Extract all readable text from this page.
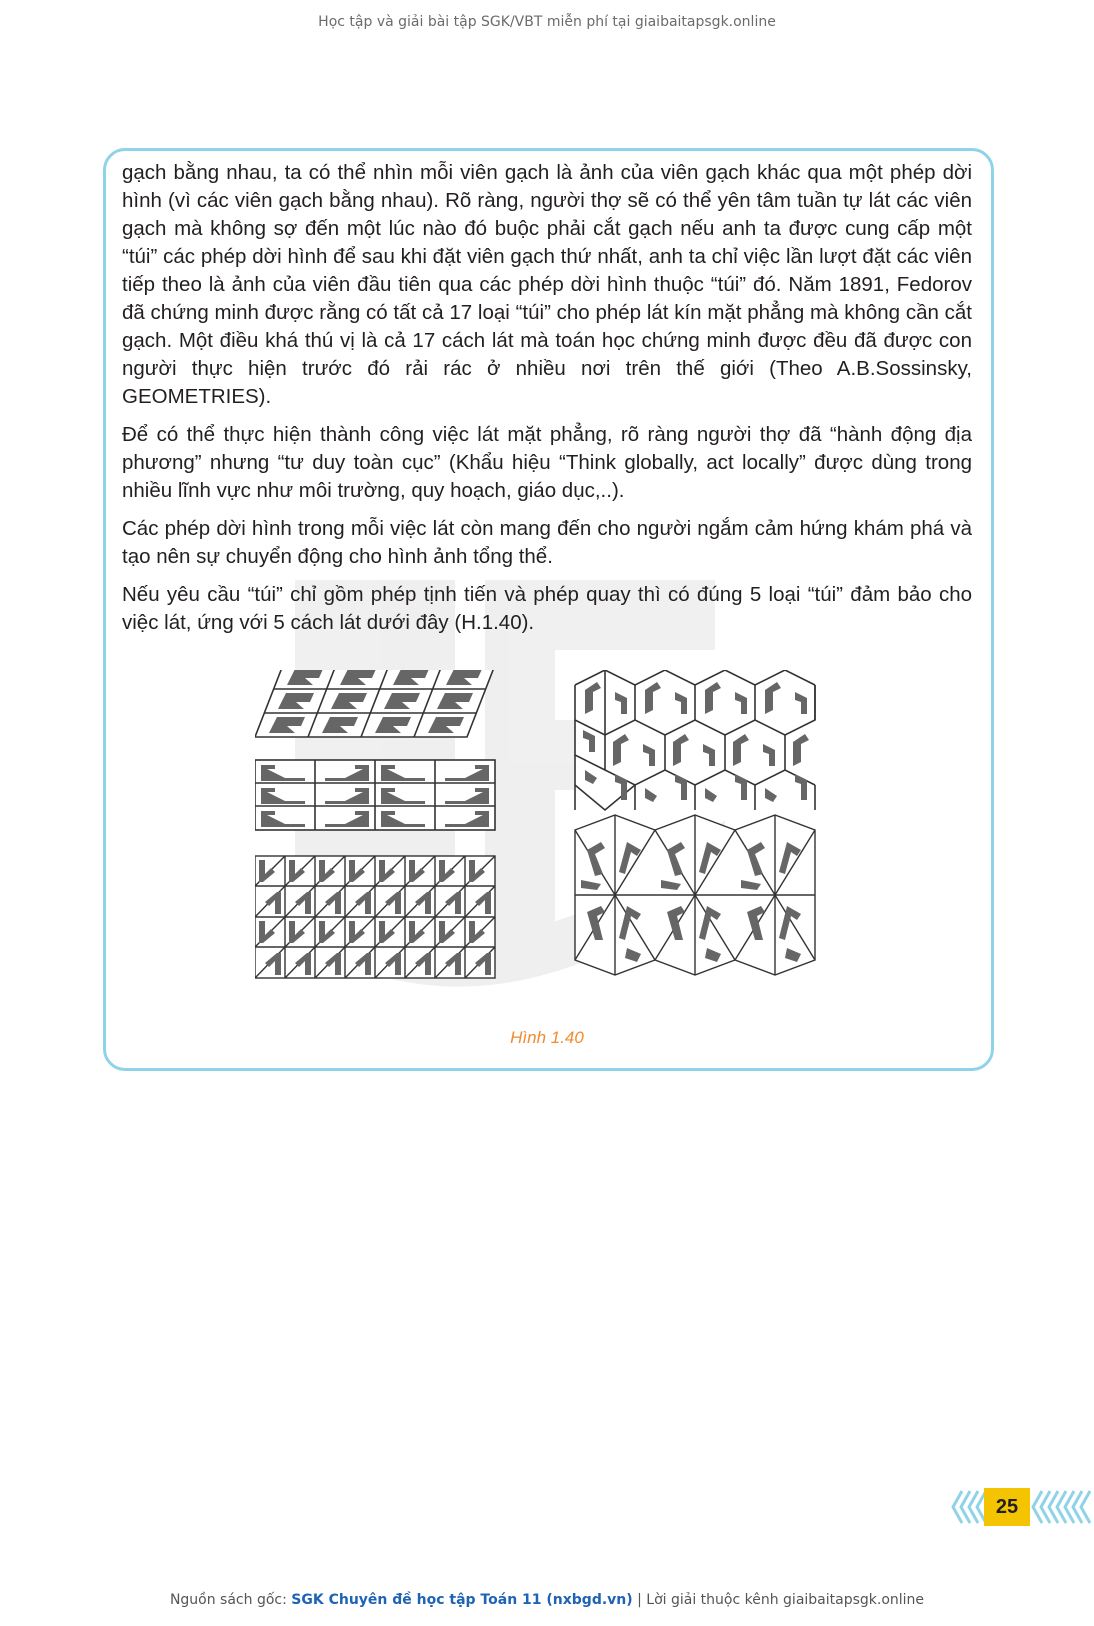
Học tập và giải bài tập SGK/VBT miễn phí tại giaibaitapsgk.online

gạch bằng nhau, ta có thể nhìn mỗi viên gạch là ảnh của viên gạch khác qua một phép dời hình (vì các viên gạch bằng nhau). Rõ ràng, người thợ sẽ có thể yên tâm tuần tự lát các viên gạch mà không sợ đến một lúc nào đó buộc phải cắt gạch nếu anh ta được cung cấp một “túi” các phép dời hình để sau khi đặt viên gạch thứ nhất, anh ta chỉ việc lần lượt đặt các viên tiếp theo là ảnh của viên đầu tiên qua các phép dời hình thuộc “túi” đó. Năm 1891, Fedorov đã chứng minh được rằng có tất cả 17 loại “túi” cho phép lát kín mặt phẳng mà không cần cắt gạch. Một điều khá thú vị là cả 17 cách lát mà toán học chứng minh được đều đã được con người thực hiện trước đó rải rác ở nhiều nơi trên thế giới (Theo A.B.Sossinsky, GEOMETRIES).

Để có thể thực hiện thành công việc lát mặt phẳng, rõ ràng người thợ đã “hành động địa phương” nhưng “tư duy toàn cục” (Khẩu hiệu “Think globally, act locally” được dùng trong nhiều lĩnh vực như môi trường, quy hoạch, giáo dục,..).

Các phép dời hình trong mỗi việc lát còn mang đến cho người ngắm cảm hứng khám phá và tạo nên sự chuyển động cho hình ảnh tổng thể.

Nếu yêu cầu “túi” chỉ gồm phép tịnh tiến và phép quay thì có đúng 5 loại “túi” đảm bảo cho việc lát, ứng với 5 cách lát dưới đây (H.1.40).

Hình 1.40
25
Nguồn sách gốc: SGK Chuyên đề học tập Toán 11 (nxbgd.vn) | Lời giải thuộc kênh giaibaitapsgk.online
